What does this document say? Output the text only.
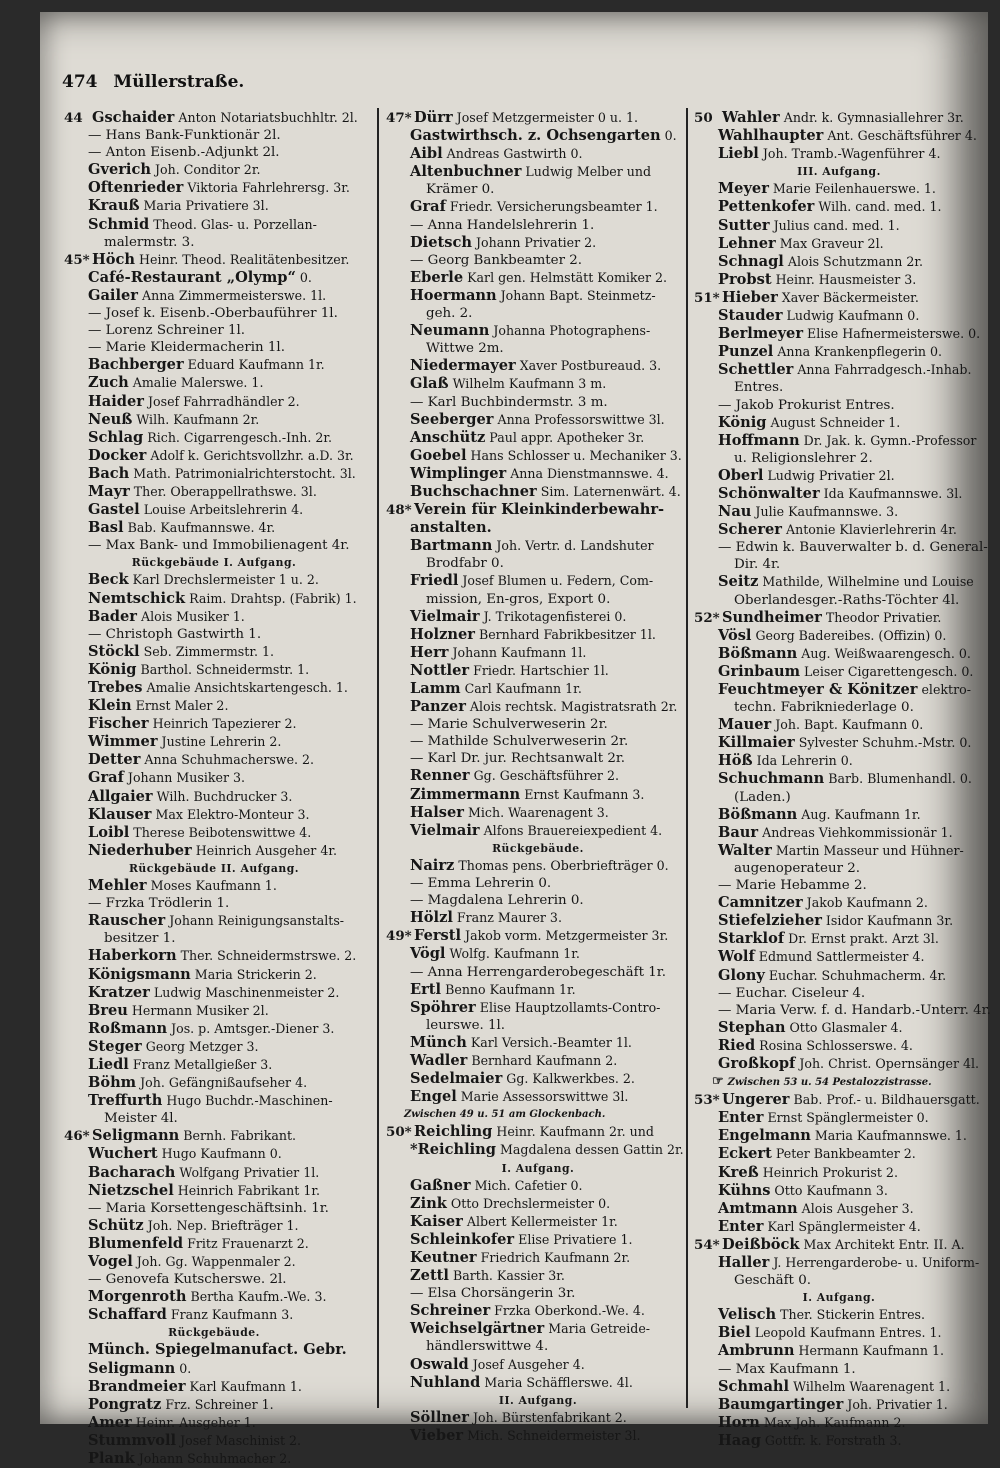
474 Müllerstraße.
44 Gschaider Anton Notariatsbuchhltr. 2l.
— Hans Bank-Funktionär 2l.
— Anton Eisenb.-Adjunkt 2l.
Gverich Joh. Conditor 2r.
Oftenrieder Viktoria Fahrlehrersg. 3r.
Krauß Maria Privatiere 3l.
Schmid Theod. Glas- u. Porzellan-
malermstr. 3.
45* Höch Heinr. Theod. Realitätenbesitzer.
Café-Restaurant „Olymp“ 0.
Gailer Anna Zimmermeisterswe. 1l.
— Josef k. Eisenb.-Oberbauführer 1l.
— Lorenz Schreiner 1l.
— Marie Kleidermacherin 1l.
Bachberger Eduard Kaufmann 1r.
Zuch Amalie Malerswe. 1.
Haider Josef Fahrradhändler 2.
Neuß Wilh. Kaufmann 2r.
Schlag Rich. Cigarrengesch.-Inh. 2r.
Docker Adolf k. Gerichtsvollzhr. a.D. 3r.
Bach Math. Patrimonialrichterstocht. 3l.
Mayr Ther. Oberappellrathswe. 3l.
Gastel Louise Arbeitslehrerin 4.
Basl Bab. Kaufmannswe. 4r.
— Max Bank- und Immobilienagent 4r.
Rückgebäude I. Aufgang.
Beck Karl Drechslermeister 1 u. 2.
Nemtschick Raim. Drahtsp. (Fabrik) 1.
Bader Alois Musiker 1.
— Christoph Gastwirth 1.
Stöckl Seb. Zimmermstr. 1.
König Barthol. Schneidermstr. 1.
Trebes Amalie Ansichtskartengesch. 1.
Klein Ernst Maler 2.
Fischer Heinrich Tapezierer 2.
Wimmer Justine Lehrerin 2.
Detter Anna Schuhmacherswe. 2.
Graf Johann Musiker 3.
Allgaier Wilh. Buchdrucker 3.
Klauser Max Elektro-Monteur 3.
Loibl Therese Beibotenswittwe 4.
Niederhuber Heinrich Ausgeher 4r.
Rückgebäude II. Aufgang.
Mehler Moses Kaufmann 1.
— Frzka Trödlerin 1.
Rauscher Johann Reinigungsanstalts-
besitzer 1.
Haberkorn Ther. Schneidermstrswe. 2.
Königsmann Maria Strickerin 2.
Kratzer Ludwig Maschinenmeister 2.
Breu Hermann Musiker 2l.
Roßmann Jos. p. Amtsger.-Diener 3.
Steger Georg Metzger 3.
Liedl Franz Metallgießer 3.
Böhm Joh. Gefängnißaufseher 4.
Treffurth Hugo Buchdr.-Maschinen-
Meister 4l.
46* Seligmann Bernh. Fabrikant.
Wuchert Hugo Kaufmann 0.
Bacharach Wolfgang Privatier 1l.
Nietzschel Heinrich Fabrikant 1r.
— Maria Korsettengeschäftsinh. 1r.
Schütz Joh. Nep. Briefträger 1.
Blumenfeld Fritz Frauenarzt 2.
Vogel Joh. Gg. Wappenmaler 2.
— Genovefa Kutscherswe. 2l.
Morgenroth Bertha Kaufm.-We. 3.
Schaffard Franz Kaufmann 3.
Rückgebäude.
Münch. Spiegelmanufact. Gebr.
Seligmann 0.
Brandmeier Karl Kaufmann 1.
Pongratz Frz. Schreiner 1.
Amer Heinr. Ausgeher 1.
Stummvoll Josef Maschinist 2.
Plank Johann Schuhmacher 2.
47* Dürr Josef Metzgermeister 0 u. 1.
Gastwirthsch. z. Ochsengarten 0.
Aibl Andreas Gastwirth 0.
Altenbuchner Ludwig Melber und
Krämer 0.
Graf Friedr. Versicherungsbeamter 1.
— Anna Handelslehrerin 1.
Dietsch Johann Privatier 2.
— Georg Bankbeamter 2.
Eberle Karl gen. Helmstätt Komiker 2.
Hoermann Johann Bapt. Steinmetz-
geh. 2.
Neumann Johanna Photographens-
Wittwe 2m.
Niedermayer Xaver Postbureaud. 3.
Glaß Wilhelm Kaufmann 3 m.
— Karl Buchbindermstr. 3 m.
Seeberger Anna Professorswittwe 3l.
Anschütz Paul appr. Apotheker 3r.
Goebel Hans Schlosser u. Mechaniker 3.
Wimplinger Anna Dienstmannswe. 4.
Buchschachner Sim. Laternenwärt. 4.
48* Verein für Kleinkinderbewahr-
anstalten.
Bartmann Joh. Vertr. d. Landshuter
Brodfabr 0.
Friedl Josef Blumen u. Federn, Com-
mission, En-gros, Export 0.
Vielmair J. Trikotagenfisterei 0.
Holzner Bernhard Fabrikbesitzer 1l.
Herr Johann Kaufmann 1l.
Nottler Friedr. Hartschier 1l.
Lamm Carl Kaufmann 1r.
Panzer Alois rechtsk. Magistratsrath 2r.
— Marie Schulverweserin 2r.
— Mathilde Schulverweserin 2r.
— Karl Dr. jur. Rechtsanwalt 2r.
Renner Gg. Geschäftsführer 2.
Zimmermann Ernst Kaufmann 3.
Halser Mich. Waarenagent 3.
Vielmair Alfons Brauereiexpedient 4.
Rückgebäude.
Nairz Thomas pens. Oberbriefträger 0.
— Emma Lehrerin 0.
— Magdalena Lehrerin 0.
Hölzl Franz Maurer 3.
49* Ferstl Jakob vorm. Metzgermeister 3r.
Vögl Wolfg. Kaufmann 1r.
— Anna Herrengarderobegeschäft 1r.
Ertl Benno Kaufmann 1r.
Spöhrer Elise Hauptzollamts-Contro-
leurswe. 1l.
Münch Karl Versich.-Beamter 1l.
Wadler Bernhard Kaufmann 2.
Sedelmaier Gg. Kalkwerkbes. 2.
Engel Marie Assessorswittwe 3l.
Zwischen 49 u. 51 am Glockenbach.
50* Reichling Heinr. Kaufmann 2r. und
*Reichling Magdalena dessen Gattin 2r.
I. Aufgang.
Gaßner Mich. Cafetier 0.
Zink Otto Drechslermeister 0.
Kaiser Albert Kellermeister 1r.
Schleinkofer Elise Privatiere 1.
Keutner Friedrich Kaufmann 2r.
Zettl Barth. Kassier 3r.
— Elsa Chorsängerin 3r.
Schreiner Frzka Oberkond.-We. 4.
Weichselgärtner Maria Getreide-
händlerswittwe 4.
Oswald Josef Ausgeher 4.
Nuhland Maria Schäfflerswe. 4l.
II. Aufgang.
Söllner Joh. Bürstenfabrikant 2.
Vieber Mich. Schneidermeister 3l.
50 Wahler Andr. k. Gymnasiallehrer 3r.
Wahlhaupter Ant. Geschäftsführer 4.
Liebl Joh. Tramb.-Wagenführer 4.
III. Aufgang.
Meyer Marie Feilenhauerswe. 1.
Pettenkofer Wilh. cand. med. 1.
Sutter Julius cand. med. 1.
Lehner Max Graveur 2l.
Schnagl Alois Schutzmann 2r.
Probst Heinr. Hausmeister 3.
51* Hieber Xaver Bäckermeister.
Stauder Ludwig Kaufmann 0.
Berlmeyer Elise Hafnermeisterswe. 0.
Punzel Anna Krankenpflegerin 0.
Schettler Anna Fahrradgesch.-Inhab.
Entres.
— Jakob Prokurist Entres.
König August Schneider 1.
Hoffmann Dr. Jak. k. Gymn.-Professor
u. Religionslehrer 2.
Oberl Ludwig Privatier 2l.
Schönwalter Ida Kaufmannswe. 3l.
Nau Julie Kaufmannswe. 3.
Scherer Antonie Klavierlehrerin 4r.
— Edwin k. Bauverwalter b. d. General-
Dir. 4r.
Seitz Mathilde, Wilhelmine und Louise
Oberlandesger.-Raths-Töchter 4l.
52* Sundheimer Theodor Privatier.
Vösl Georg Badereibes. (Offizin) 0.
Bößmann Aug. Weißwaarengesch. 0.
Grinbaum Leiser Cigarettengesch. 0.
Feuchtmeyer & Könitzer elektro-
techn. Fabrikniederlage 0.
Mauer Joh. Bapt. Kaufmann 0.
Killmaier Sylvester Schuhm.-Mstr. 0.
Höß Ida Lehrerin 0.
Schuchmann Barb. Blumenhandl. 0.
(Laden.)
Bößmann Aug. Kaufmann 1r.
Baur Andreas Viehkommissionär 1.
Walter Martin Masseur und Hühner-
augenoperateur 2.
— Marie Hebamme 2.
Camnitzer Jakob Kaufmann 2.
Stiefelzieher Isidor Kaufmann 3r.
Starklof Dr. Ernst prakt. Arzt 3l.
Wolf Edmund Sattlermeister 4.
Glony Euchar. Schuhmacherm. 4r.
— Euchar. Ciseleur 4.
— Maria Verw. f. d. Handarb.-Unterr. 4r.
Stephan Otto Glasmaler 4.
Ried Rosina Schlosserswe. 4.
Großkopf Joh. Christ. Opernsänger 4l.
☞ Zwischen 53 u. 54 Pestalozzistrasse.
53* Ungerer Bab. Prof.- u. Bildhauersgatt.
Enter Ernst Spänglermeister 0.
Engelmann Maria Kaufmannswe. 1.
Eckert Peter Bankbeamter 2.
Kreß Heinrich Prokurist 2.
Kühns Otto Kaufmann 3.
Amtmann Alois Ausgeher 3.
Enter Karl Spänglermeister 4.
54* Deißböck Max Architekt Entr. II. A.
Haller J. Herrengarderobe- u. Uniform-
Geschäft 0.
I. Aufgang.
Velisch Ther. Stickerin Entres.
Biel Leopold Kaufmann Entres. 1.
Ambrunn Hermann Kaufmann 1.
— Max Kaufmann 1.
Schmahl Wilhelm Waarenagent 1.
Baumgartinger Joh. Privatier 1.
Horn Max Joh. Kaufmann 2.
Haag Gottfr. k. Forstrath 3.
